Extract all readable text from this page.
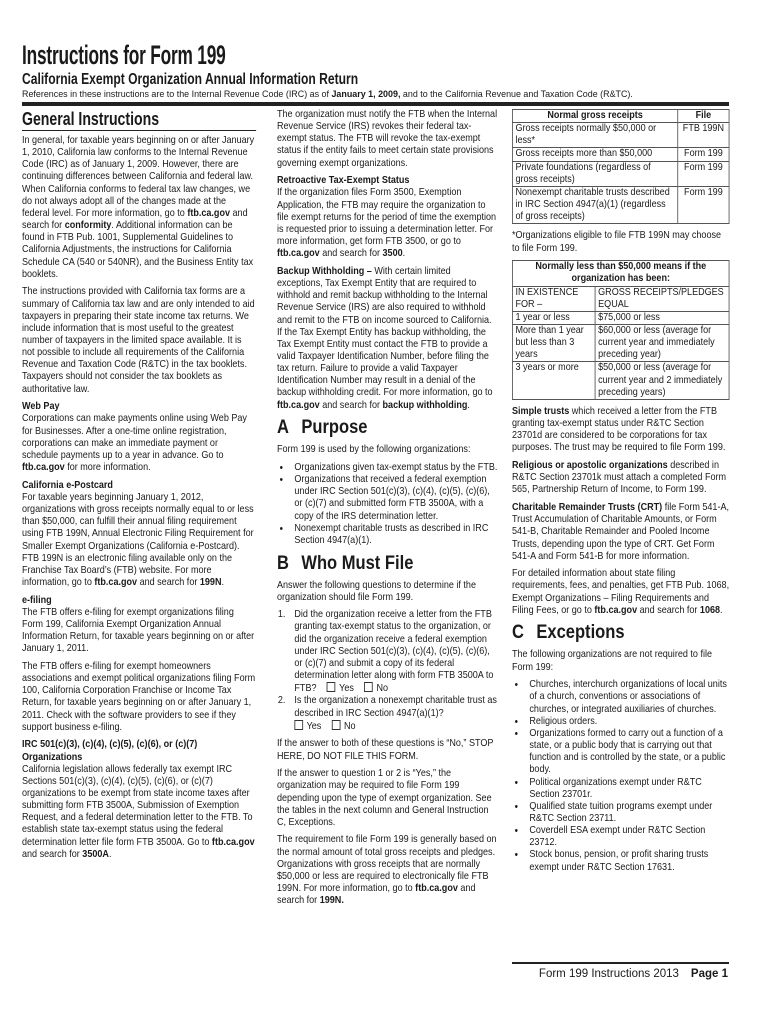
Instructions for Form 199
California Exempt Organization Annual Information Return
References in these instructions are to the Internal Revenue Code (IRC) as of January 1, 2009, and to the California Revenue and Taxation Code (R&TC).
General Instructions

In general, for taxable years beginning on or after January 1, 2010, California law conforms to the Internal Revenue Code (IRC) as of January 1, 2009. However, there are continuing differences between California and federal law. When California conforms to federal tax law changes, we do not always adopt all of the changes made at the federal level. For more information, go to ftb.ca.gov and search for conformity. Additional information can be found in FTB Pub. 1001, Supplemental Guidelines to California Adjustments, the instructions for California Schedule CA (540 or 540NR), and the Business Entity tax booklets.

The instructions provided with California tax forms are a summary of California tax law and are only intended to aid taxpayers in preparing their state income tax returns. We include information that is most useful to the greatest number of taxpayers in the limited space available. It is not possible to include all requirements of the California Revenue and Taxation Code (R&TC) in the tax booklets. Taxpayers should not consider the tax booklets as authoritative law.

Web Pay

Corporations can make payments online using Web Pay for Businesses. After a one-time online registration, corporations can make an immediate payment or schedule payments up to a year in advance. Go to ftb.ca.gov for more information.

California e-Postcard

For taxable years beginning January 1, 2012, organizations with gross receipts normally equal to or less than $50,000, can fulfill their annual filing requirement using FTB 199N, Annual Electronic Filing Requirement for Smaller Exempt Organizations (California e-Postcard). FTB 199N is an electronic filing available only on the Franchise Tax Board’s (FTB) website. For more information, go to ftb.ca.gov and search for 199N.

e-filing

The FTB offers e-filing for exempt organizations filing Form 199, California Exempt Organization Annual Information Return, for taxable years beginning on or after January 1, 2011.

The FTB offers e-filing for exempt homeowners associations and exempt political organizations filing Form 100, California Corporation Franchise or Income Tax Return, for taxable years beginning on or after January 1, 2011. Check with the software providers to see if they support business e-filing.

IRC 501(c)(3), (c)(4), (c)(5), (c)(6), or (c)(7) Organizations

California legislation allows federally tax exempt IRC Sections 501(c)(3), (c)(4), (c)(5), (c)(6), or (c)(7) organizations to be exempt from state income taxes after submitting form FTB 3500A, Submission of Exemption Request, and a federal determination letter to the FTB. To establish state tax-exempt status using the federal determination letter file form FTB 3500A. Go to ftb.ca.gov and search for 3500A.

The organization must notify the FTB when the Internal Revenue Service (IRS) revokes their federal tax-exempt status. The FTB will revoke the tax-exempt status if the entity fails to meet certain state provisions governing exempt organizations.

Retroactive Tax-Exempt Status

If the organization files Form 3500, Exemption Application, the FTB may require the organization to file exempt returns for the period of time the exemption is requested prior to issuing a determination letter. For more information, get form FTB 3500, or go to ftb.ca.gov and search for 3500.

Backup Withholding – With certain limited exceptions, Tax Exempt Entity that are required to withhold and remit backup withholding to the Internal Revenue Service (IRS) are also required to withhold and remit to the FTB on income sourced to California. If the Tax Exempt Entity has backup withholding, the Tax Exempt Entity must contact the FTB to provide a valid Taxpayer Identification Number, before filing the tax return. Failure to provide a valid Taxpayer Identification Number may result in a denial of the backup withholding credit. For more information, go to ftb.ca.gov and search for backup withholding.

A Purpose

Form 199 is used by the following organizations:

• Organizations given tax-exempt status by the FTB.
• Organizations that received a federal exemption under IRC Section 501(c)(3), (c)(4), (c)(5), (c)(6), or (c)(7) and submitted form FTB 3500A, with a copy of the IRS determination letter.
• Nonexempt charitable trusts as described in IRC Section 4947(a)(1).
B Who Must File

Answer the following questions to determine if the organization should file Form 199.

1. Did the organization receive a letter from the FTB granting tax-exempt status to the organization, or did the organization receive a federal exemption under IRC Section 501(c)(3), (c)(4), (c)(5), (c)(6), or (c)(7) and submit a copy of its federal determination letter along with form FTB 3500A to FTB? Yes No
2. Is the organization a nonexempt charitable trust as described in IRC Section 4947(a)(1)?
Yes No

If the answer to both of these questions is “No,” STOP HERE, DO NOT FILE THIS FORM.

If the answer to question 1 or 2 is “Yes,” the organization may be required to file Form 199 depending upon the type of exempt organization. See the tables in the next column and General Instruction C, Exceptions.

The requirement to file Form 199 is generally based on the normal amount of total gross receipts and pledges. Organizations with gross receipts that are normally $50,000 or less are required to electronically file FTB 199N. For more information, go to ftb.ca.gov and search for 199N.

Normal gross receipts	File
Gross receipts normally $50,000 or less*	FTB 199N
Gross receipts more than $50,000	Form 199
Private foundations (regardless of gross receipts)	Form 199
Nonexempt charitable trusts described in IRC Section 4947(a)(1) (regardless of gross receipts)	Form 199

*Organizations eligible to file FTB 199N may choose to file Form 199.

Normally less than $50,000 means if the organization has been:	
IN EXISTENCE FOR –	GROSS RECEIPTS/PLEDGES EQUAL
1 year or less	$75,000 or less
More than 1 year but less than 3 years	$60,000 or less (average for current year and immediately preceding year)
3 years or more	$50,000 or less (average for current year and 2 immediately preceding years)

Simple trusts which received a letter from the FTB granting tax-exempt status under R&TC Section 23701d are considered to be corporations for tax purposes. The trust may be required to file Form 199.

Religious or apostolic organizations described in R&TC Section 23701k must attach a completed Form 565, Partnership Return of Income, to Form 199.

Charitable Remainder Trusts (CRT) file Form 541-A, Trust Accumulation of Charitable Amounts, or Form 541-B, Charitable Remainder and Pooled Income Trusts, depending upon the type of CRT. Get Form 541-A and Form 541-B for more information.

For detailed information about state filing requirements, fees, and penalties, get FTB Pub. 1068, Exempt Organizations – Filing Requirements and Filing Fees, or go to ftb.ca.gov and search for 1068.

C Exceptions

The following organizations are not required to file Form 199:

• Churches, interchurch organizations of local units of a church, conventions or associations of churches, or integrated auxiliaries of churches.
• Religious orders.
• Organizations formed to carry out a function of a state, or a public body that is carrying out that function and is controlled by the state, or a public body.
• Political organizations exempt under R&TC Section 23701r.
• Qualified state tuition programs exempt under R&TC Section 23711.
• Coverdell ESA exempt under R&TC Section 23712.
• Stock bonus, pension, or profit sharing trusts exempt under R&TC Section 17631.
Form 199 Instructions 2013 Page 1
